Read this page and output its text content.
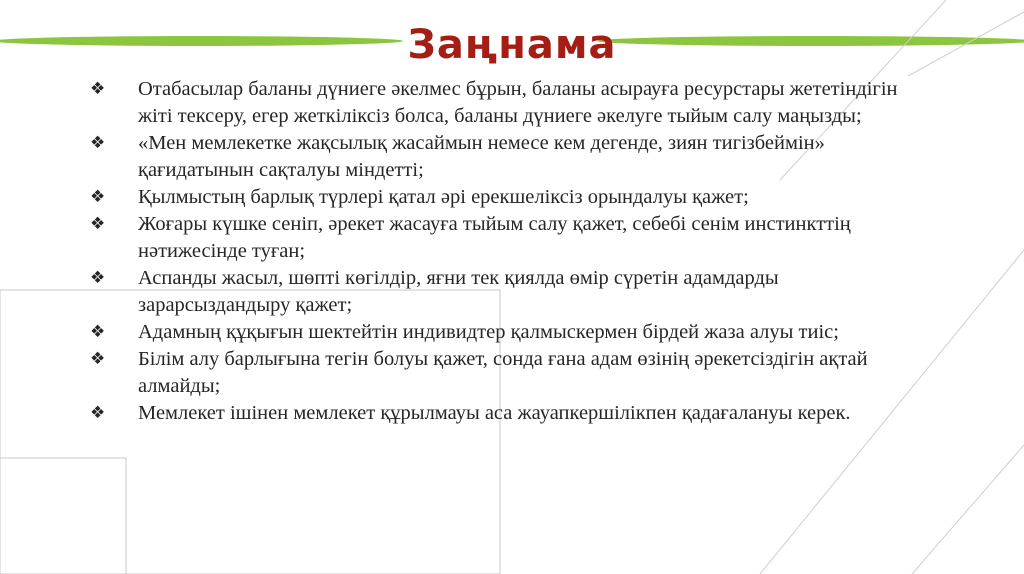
Заңнама
❖ Отабасылар баланы дүниеге әкелмес бұрын, баланы асырауға ресурстары жететіндігін жіті тексеру, егер жеткіліксіз болса, баланы дүниеге әкелуге тыйым салу маңызды;
❖ «Мен мемлекетке жақсылық жасаймын немесе кем дегенде, зиян тигізбеймін» қағидатынын сақталуы міндетті;
❖ Қылмыстың барлық түрлері қатал әрі ерекшеліксіз орындалуы қажет;
❖ Жоғары күшке сеніп, әрекет жасауға тыйым салу қажет, себебі сенім инстинкттің нәтижесінде туған;
❖ Аспанды жасыл, шөпті көгілдір, яғни тек қиялда өмір сүретін адамдарды зарарсыздандыру қажет;
❖ Адамның құқығын шектейтін индивидтер қалмыскермен бірдей жаза алуы тиіс;
❖ Білім алу барлығына тегін болуы қажет, сонда ғана адам өзінің әрекетсіздігін ақтай алмайды;
❖ Мемлекет ішінен мемлекет құрылмауы аса жауапкершілікпен қадағалануы керек.
